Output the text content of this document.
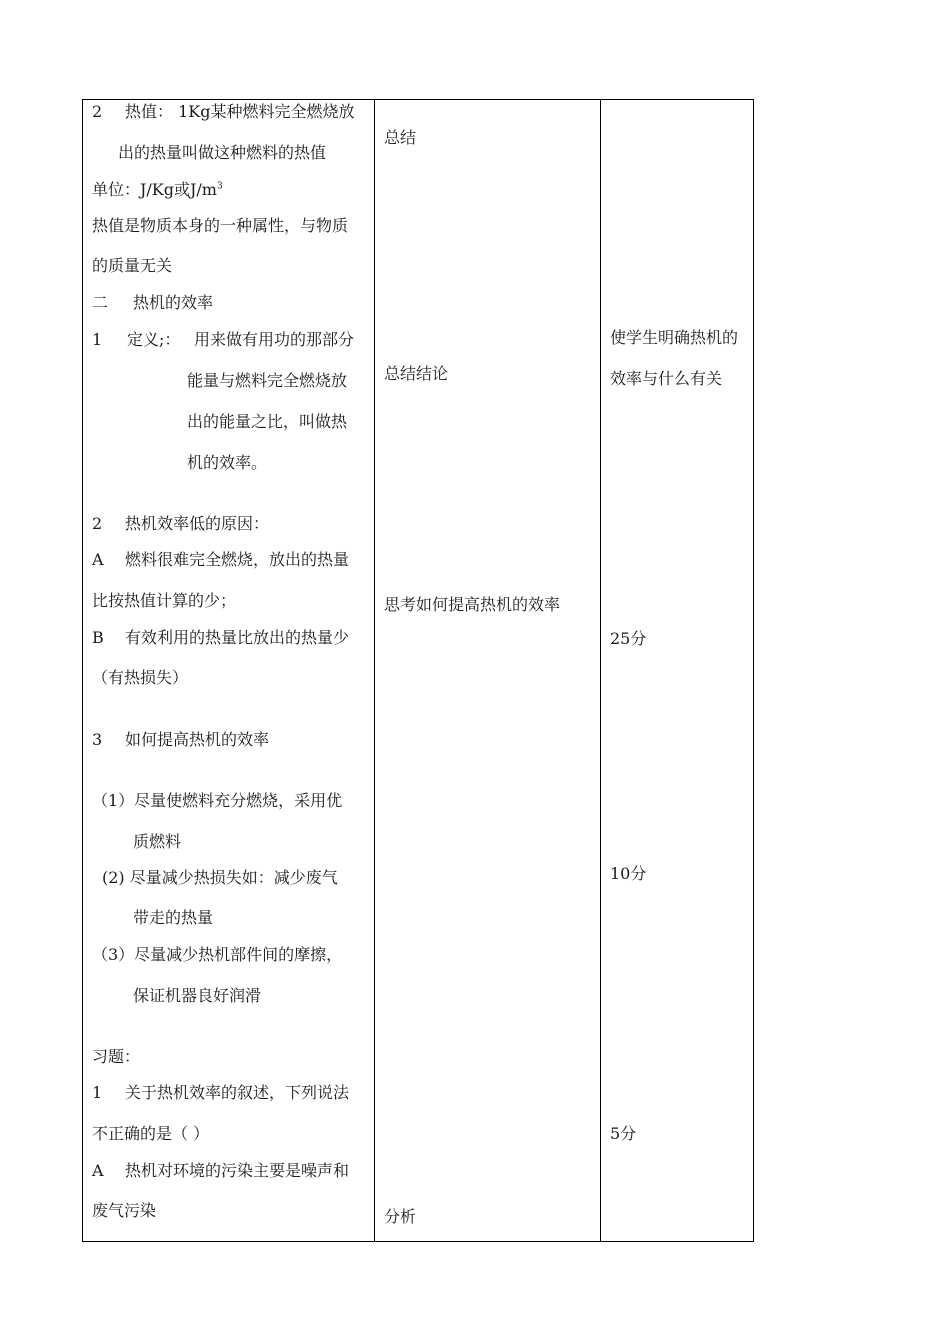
2 热值： 1Kg某种燃料完全燃烧放
出的热量叫做这种燃料的热值
单位：J/Kg或$J/m^3$
热值是物质本身的一种属性，与物质
的质量无关
二 热机的效率
1 定义;： 用来做有用功的那部分
能量与燃料完全燃烧放
出的能量之比，叫做热
机的效率。
2 热机效率低的原因：
A 燃料很难完全燃烧，放出的热量
比按热值计算的少；
B 有效利用的热量比放出的热量少
（有热损失）
3 如何提高热机的效率
（1）尽量使燃料充分燃烧，采用优
质燃料
(2) 尽量减少热损失如：减少废气
带走的热量
（3）尽量减少热机部件间的摩擦，
保证机器良好润滑
习题：
1 关于热机效率的叙述，下列说法
不正确的是（ ）
A 热机对环境的污染主要是噪声和
废气污染
总结
总结结论
思考如何提高热机的效率
分析
使学生明确热机的
效率与什么有关
25分
10分
5分
